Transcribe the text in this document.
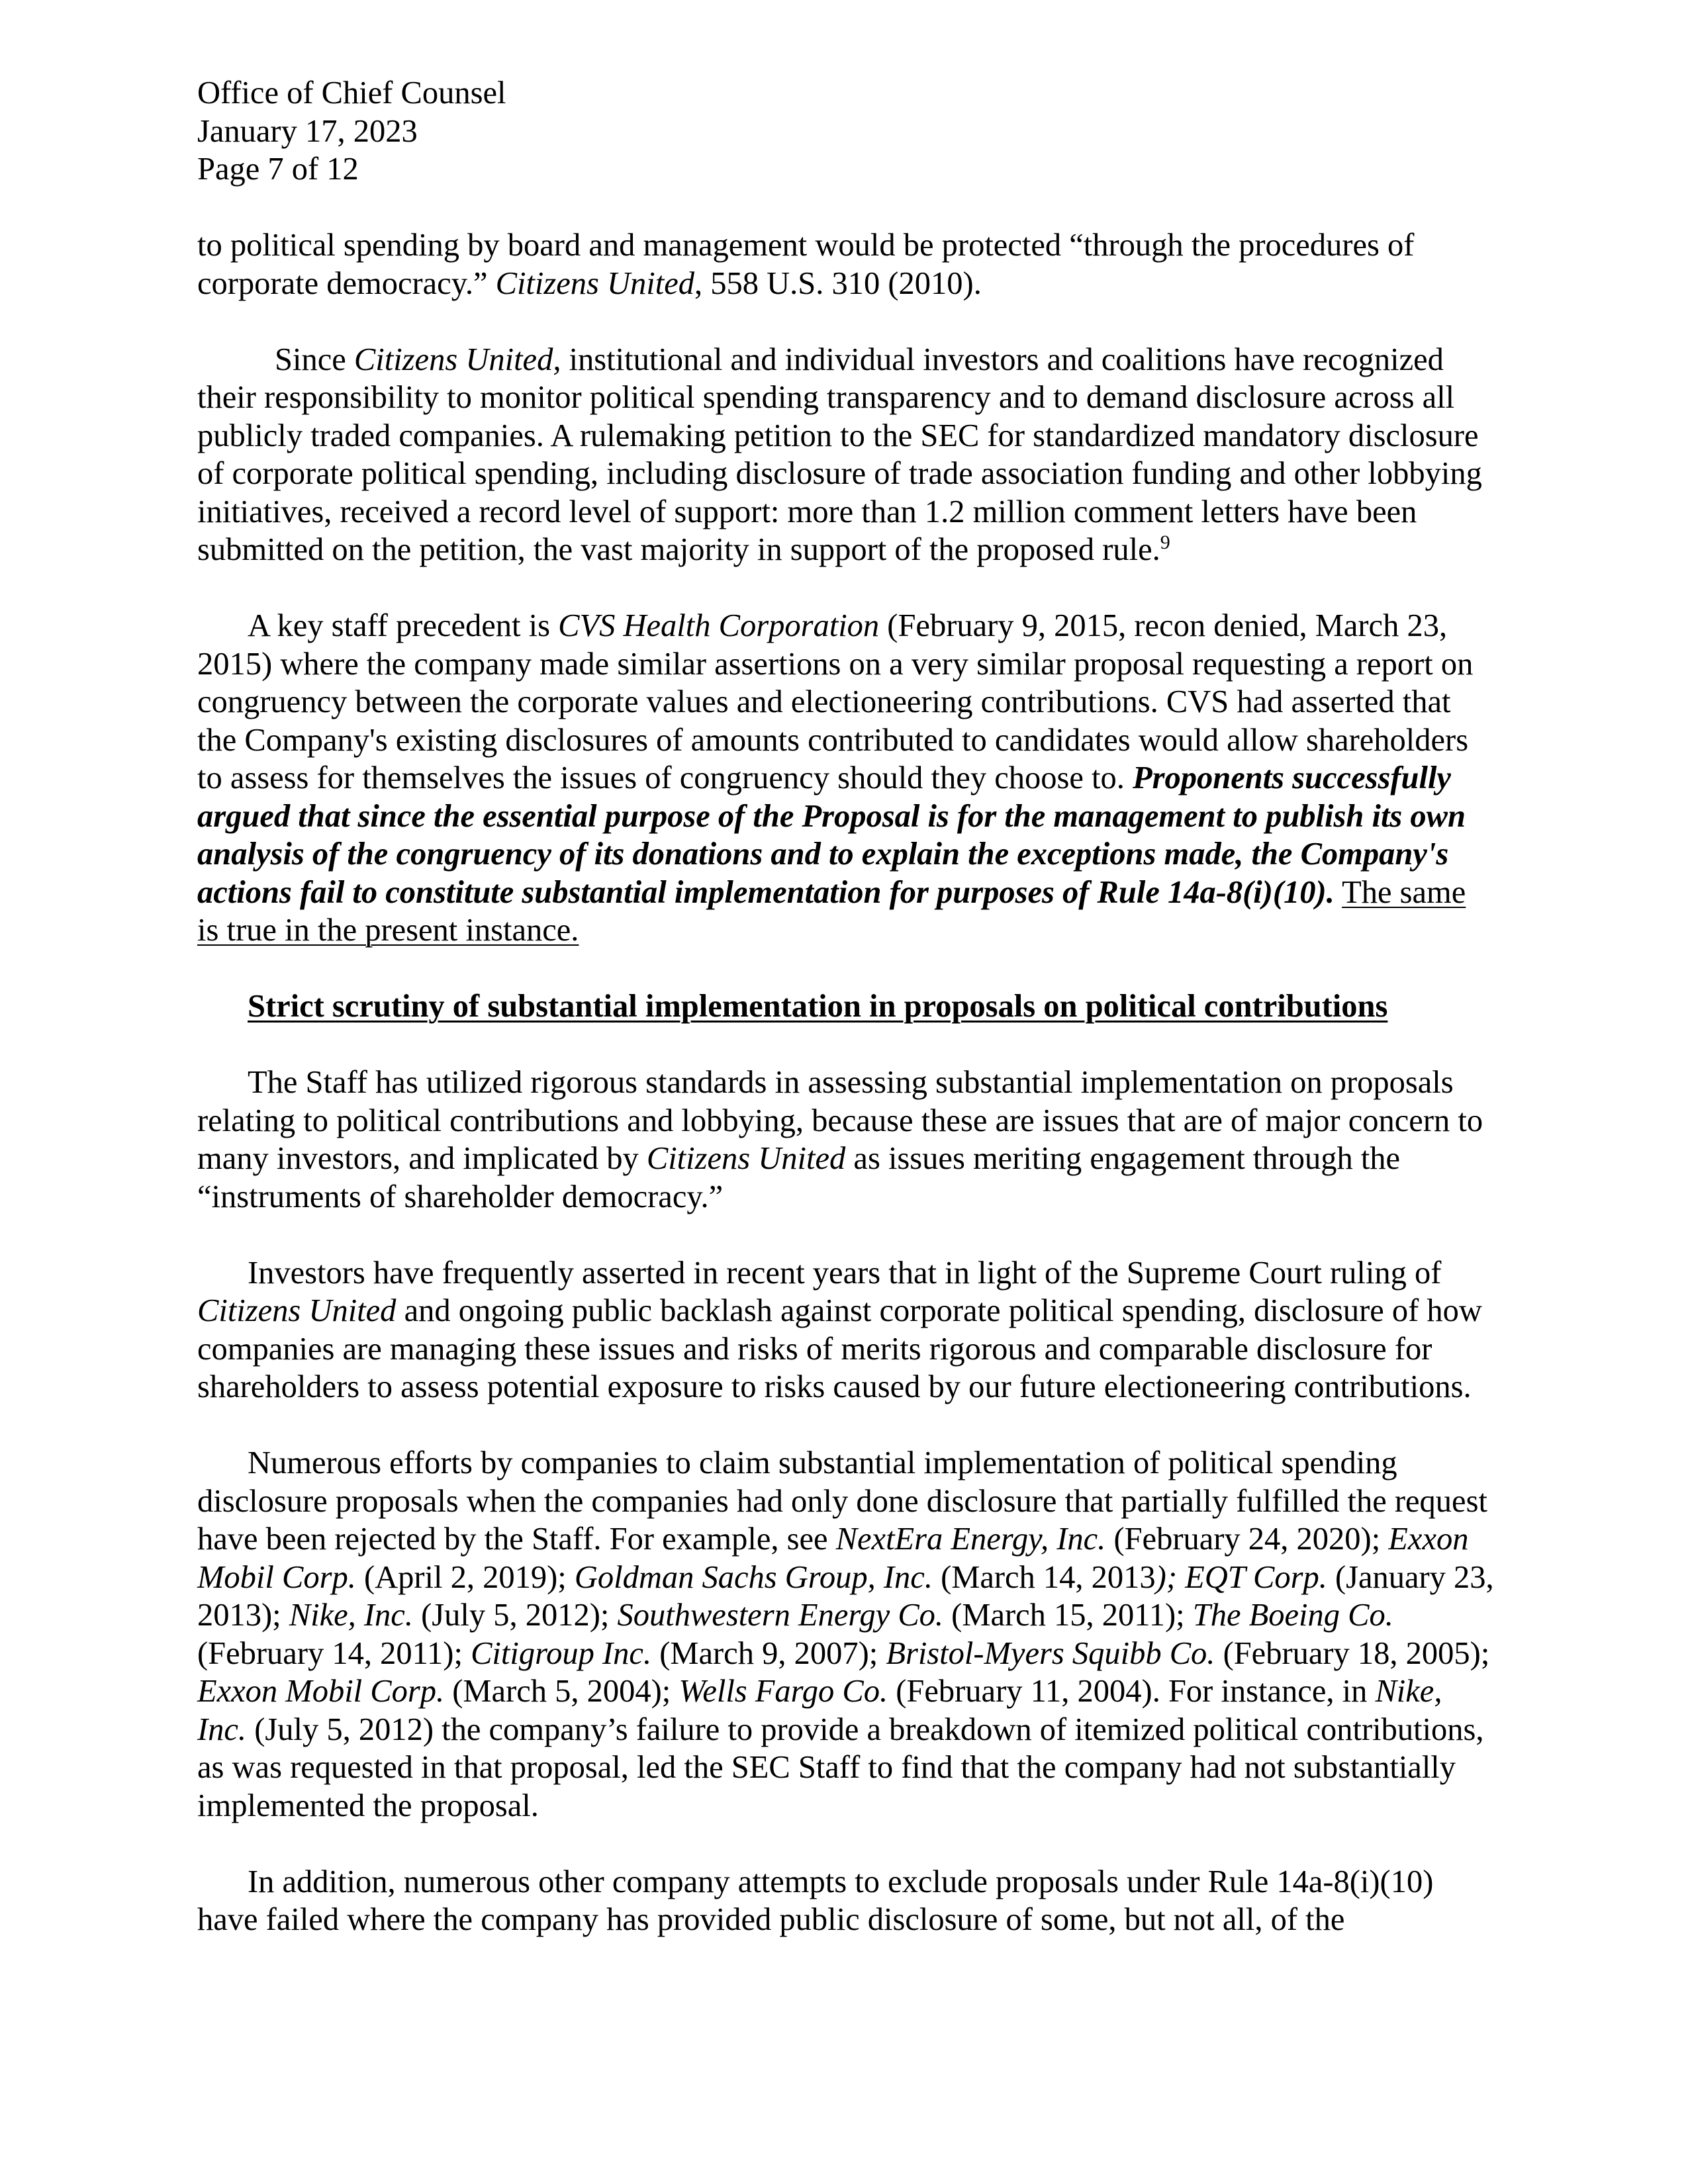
Office of Chief Counsel
January 17, 2023
Page 7 of 12

to political spending by board and management would be protected “through the procedures of corporate democracy.” Citizens United, 558 U.S. 310 (2010).

Since Citizens United, institutional and individual investors and coalitions have recognized their responsibility to monitor political spending transparency and to demand disclosure across all publicly traded companies. A rulemaking petition to the SEC for standardized mandatory disclosure of corporate political spending, including disclosure of trade association funding and other lobbying initiatives, received a record level of support: more than 1.2 million comment letters have been submitted on the petition, the vast majority in support of the proposed rule.$^9$

A key staff precedent is CVS Health Corporation (February 9, 2015, recon denied, March 23, 2015) where the company made similar assertions on a very similar proposal requesting a report on congruency between the corporate values and electioneering contributions. CVS had asserted that the Company's existing disclosures of amounts contributed to candidates would allow shareholders to assess for themselves the issues of congruency should they choose to. Proponents successfully argued that since the essential purpose of the Proposal is for the management to publish its own analysis of the congruency of its donations and to explain the exceptions made, the Company's actions fail to constitute substantial implementation for purposes of Rule 14a-8(i)(10). The same is true in the present instance.

Strict scrutiny of substantial implementation in proposals on political contributions

The Staff has utilized rigorous standards in assessing substantial implementation on proposals relating to political contributions and lobbying, because these are issues that are of major concern to many investors, and implicated by Citizens United as issues meriting engagement through the “instruments of shareholder democracy.”

Investors have frequently asserted in recent years that in light of the Supreme Court ruling of Citizens United and ongoing public backlash against corporate political spending, disclosure of how companies are managing these issues and risks of merits rigorous and comparable disclosure for shareholders to assess potential exposure to risks caused by our future electioneering contributions.

Numerous efforts by companies to claim substantial implementation of political spending disclosure proposals when the companies had only done disclosure that partially fulfilled the request have been rejected by the Staff. For example, see NextEra Energy, Inc. (February 24, 2020); Exxon Mobil Corp. (April 2, 2019); Goldman Sachs Group, Inc. (March 14, 2013); EQT Corp. (January 23, 2013); Nike, Inc. (July 5, 2012); Southwestern Energy Co. (March 15, 2011); The Boeing Co. (February 14, 2011); Citigroup Inc. (March 9, 2007); Bristol-Myers Squibb Co. (February 18, 2005); Exxon Mobil Corp. (March 5, 2004); Wells Fargo Co. (February 11, 2004). For instance, in Nike, Inc. (July 5, 2012) the company’s failure to provide a breakdown of itemized political contributions, as was requested in that proposal, led the SEC Staff to find that the company had not substantially implemented the proposal.

In addition, numerous other company attempts to exclude proposals under Rule 14a-8(i)(10) have failed where the company has provided public disclosure of some, but not all, of the
